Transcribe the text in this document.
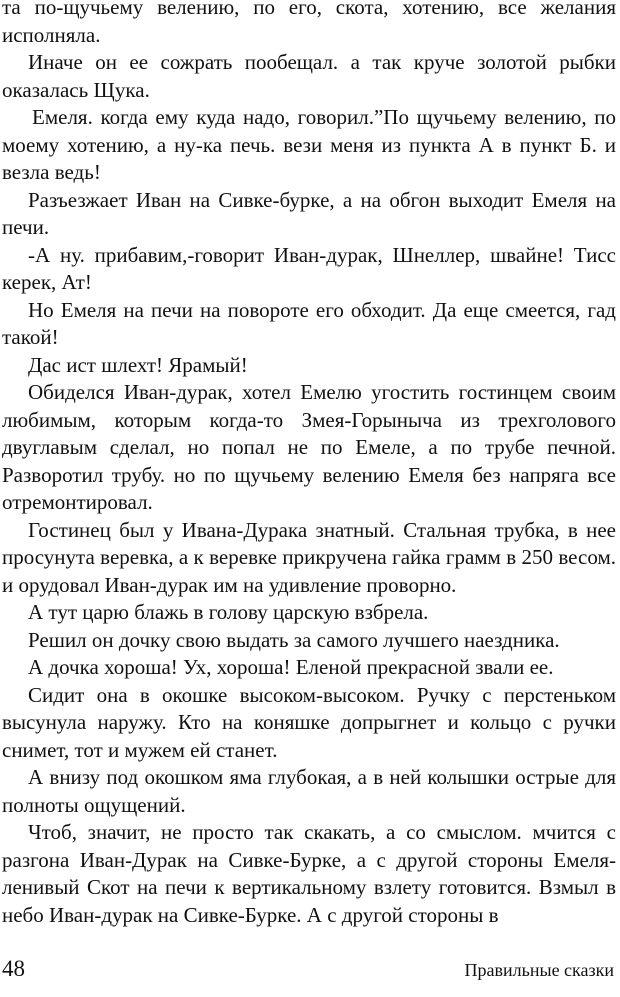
та по-щучьему велению, по его, скота, хотению, все желания исполняла.

Иначе он ее сожрать пообещал. а так круче золотой рыбки оказалась Щука.

Емеля. когда ему куда надо, говорил.”По щучьему велению, по моему хотению, а ну-ка печь. вези меня из пункта А в пункт Б. и везла ведь!

Разъезжает Иван на Сивке-бурке, а на обгон выходит Емеля на печи.

-А ну. прибавим,-говорит Иван-дурак, Шнеллер, швайне! Тисс керек, Ат!

Но Емеля на печи на повороте его обходит. Да еще смеется, гад такой!

Дас ист шлехт! Ярамый!

Обиделся Иван-дурак, хотел Емелю угостить гостинцем своим любимым, которым когда-то Змея-Горыныча из трехголового двуглавым сделал, но попал не по Емеле, а по трубе печной. Разворотил трубу. но по щучьему велению Емеля без напряга все отремонтировал.

Гостинец был у Ивана-Дурака знатный. Стальная трубка, в нее просунута веревка, а к веревке прикручена гайка грамм в 250 весом. и орудовал Иван-дурак им на удивление проворно.

А тут царю блажь в голову царскую взбрела.

Решил он дочку свою выдать за самого лучшего наездника.

А дочка хороша! Ух, хороша! Еленой прекрасной звали ее.

Сидит она в окошке высоком-высоком. Ручку с перстеньком высунула наружу. Кто на коняшке допрыгнет и кольцо с ручки снимет, тот и мужем ей станет.

А внизу под окошком яма глубокая, а в ней колышки острые для полноты ощущений.

Чтоб, значит, не просто так скакать, а со смыслом. мчится с разгона Иван-Дурак на Сивке-Бурке, а с другой стороны Емеля-ленивый Скот на печи к вертикальному взлету готовится. Взмыл в небо Иван-дурак на Сивке-Бурке. А с другой стороны в

48	Правильные сказки
